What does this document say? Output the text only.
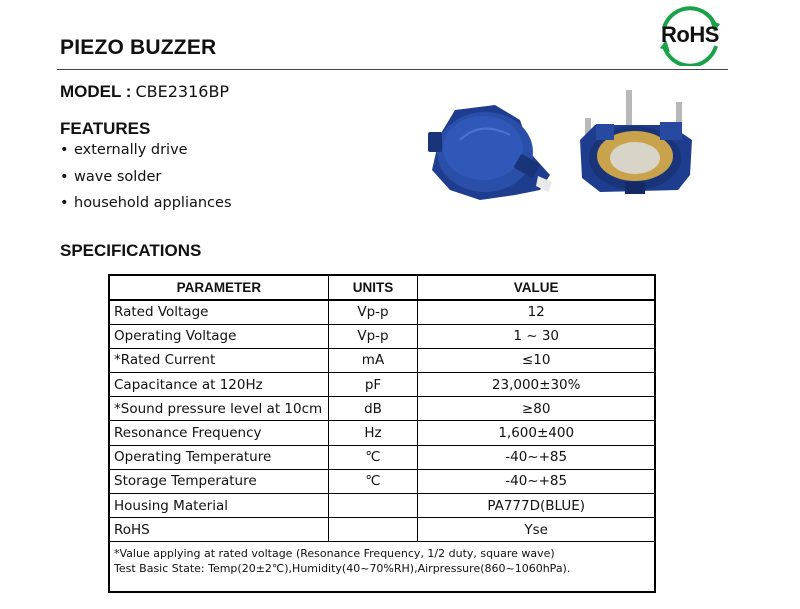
PIEZO BUZZER
RoHS
MODEL : CBE2316BP
FEATURES
• externally drive
• wave solder
• household appliances
SPECIFICATIONS
PARAMETER	UNITS	VALUE
Rated Voltage	Vp-p	12
Operating Voltage	Vp-p	1 ~ 30
*Rated Current	mA	≤10
Capacitance at 120Hz	pF	23,000±30%
*Sound pressure level at 10cm	dB	≥80
Resonance Frequency	Hz	1,600±400
Operating Temperature	℃	-40~+85
Storage Temperature	℃	-40~+85
Housing Material		PA777D(BLUE)
RoHS		Yse

*Value applying at rated voltage (Resonance Frequency, 1/2 duty, square wave)
Test Basic State: Temp(20±2℃),Humidity(40~70%RH),Airpressure(860~1060hPa).		
